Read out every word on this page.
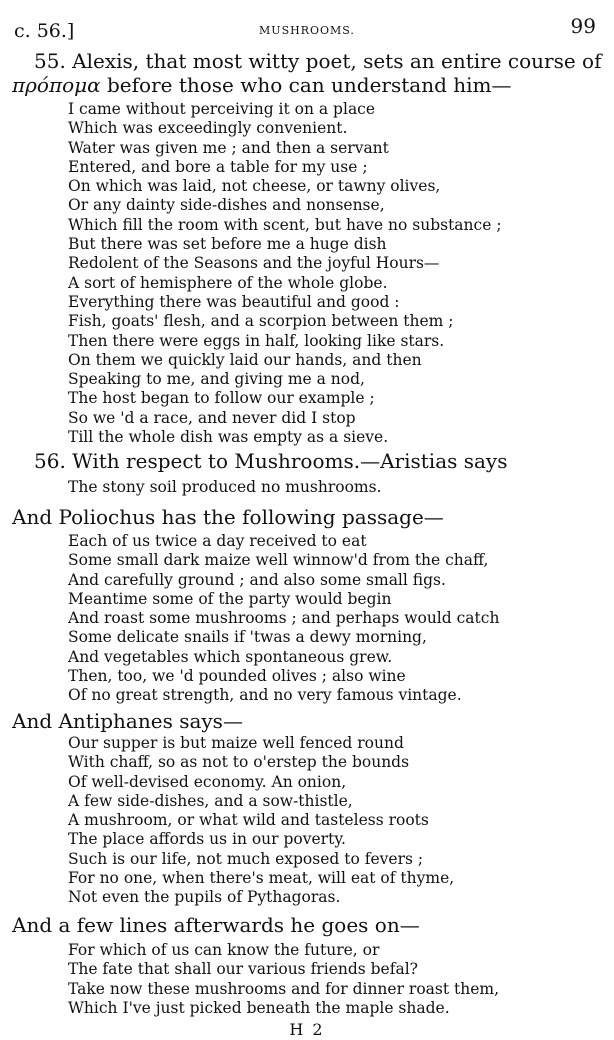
c. 56.]	MUSHROOMS.	99
55. Alexis, that most witty poet, sets an entire course of
πρόπομα before those who can understand him—
I came without perceiving it on a place
Which was exceedingly convenient.
Water was given me ; and then a servant
Entered, and bore a table for my use ;
On which was laid, not cheese, or tawny olives,
Or any dainty side-dishes and nonsense,
Which fill the room with scent, but have no substance ;
But there was set before me a huge dish
Redolent of the Seasons and the joyful Hours—
A sort of hemisphere of the whole globe.
Everything there was beautiful and good :
Fish, goats' flesh, and a scorpion between them ;
Then there were eggs in half, looking like stars.
On them we quickly laid our hands, and then
Speaking to me, and giving me a nod,
The host began to follow our example ;
So we 'd a race, and never did I stop
Till the whole dish was empty as a sieve.
56. With respect to Mushrooms.—Aristias says
The stony soil produced no mushrooms.
And Poliochus has the following passage—
Each of us twice a day received to eat
Some small dark maize well winnow'd from the chaff,
And carefully ground ; and also some small figs.
Meantime some of the party would begin
And roast some mushrooms ; and perhaps would catch
Some delicate snails if 'twas a dewy morning,
And vegetables which spontaneous grew.
Then, too, we 'd pounded olives ; also wine
Of no great strength, and no very famous vintage.
And Antiphanes says—
Our supper is but maize well fenced round
With chaff, so as not to o'erstep the bounds
Of well-devised economy. An onion,
A few side-dishes, and a sow-thistle,
A mushroom, or what wild and tasteless roots
The place affords us in our poverty.
Such is our life, not much exposed to fevers ;
For no one, when there's meat, will eat of thyme,
Not even the pupils of Pythagoras.
And a few lines afterwards he goes on—
For which of us can know the future, or
The fate that shall our various friends befal?
Take now these mushrooms and for dinner roast them,
Which I've just picked beneath the maple shade.
H 2
